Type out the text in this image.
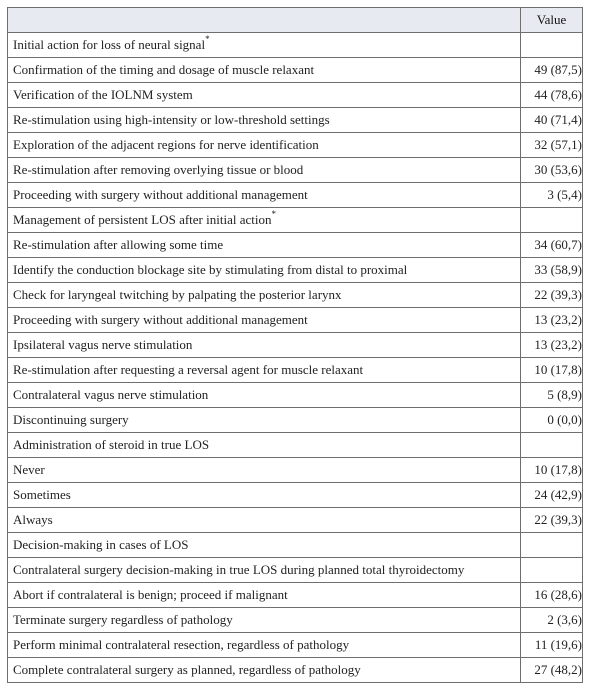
	Value
Initial action for loss of neural signal*	
Confirmation of the timing and dosage of muscle relaxant	49 (87,5)
Verification of the IOLNM system	44 (78,6)
Re-stimulation using high-intensity or low-threshold settings	40 (71,4)
Exploration of the adjacent regions for nerve identification	32 (57,1)
Re-stimulation after removing overlying tissue or blood	30 (53,6)
Proceeding with surgery without additional management	3 (5,4)
Management of persistent LOS after initial action*	
Re-stimulation after allowing some time	34 (60,7)
Identify the conduction blockage site by stimulating from distal to proximal	33 (58,9)
Check for laryngeal twitching by palpating the posterior larynx	22 (39,3)
Proceeding with surgery without additional management	13 (23,2)
Ipsilateral vagus nerve stimulation	13 (23,2)
Re-stimulation after requesting a reversal agent for muscle relaxant	10 (17,8)
Contralateral vagus nerve stimulation	5 (8,9)
Discontinuing surgery	0 (0,0)
Administration of steroid in true LOS	
Never	10 (17,8)
Sometimes	24 (42,9)
Always	22 (39,3)
Decision-making in cases of LOS	
Contralateral surgery decision-making in true LOS during planned total thyroidectomy	
Abort if contralateral is benign; proceed if malignant	16 (28,6)
Terminate surgery regardless of pathology	2 (3,6)
Perform minimal contralateral resection, regardless of pathology	11 (19,6)
Complete contralateral surgery as planned, regardless of pathology	27 (48,2)
